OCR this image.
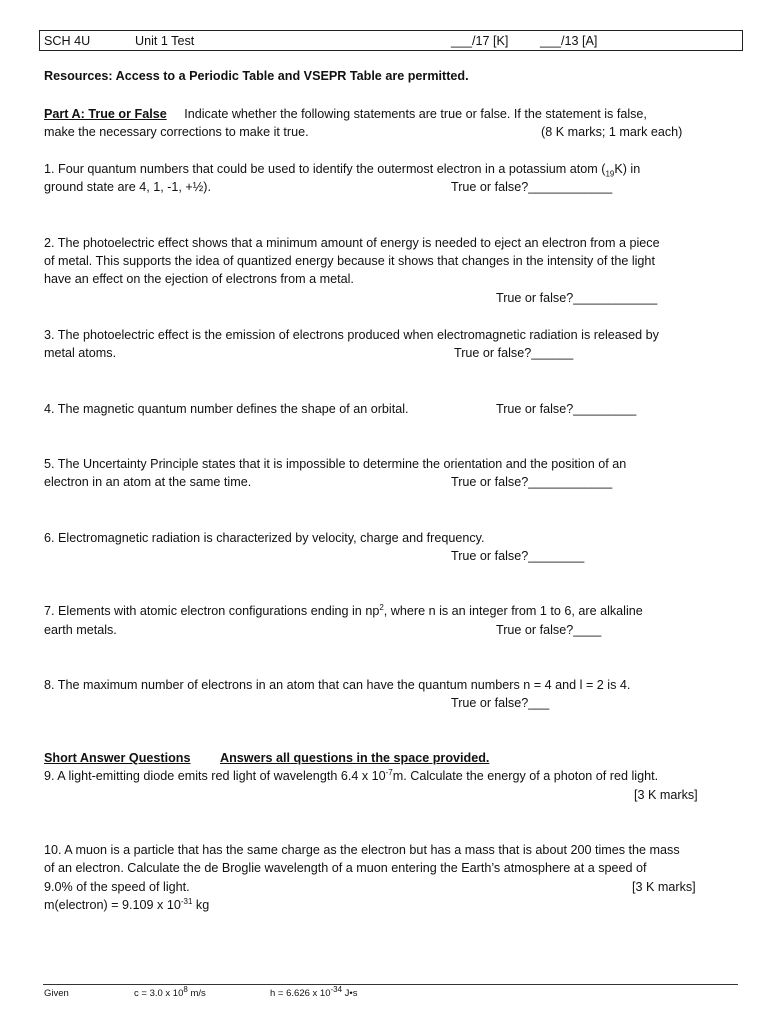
SCH 4U	Unit 1 Test	___/17 [K]	___/13 [A]
Resources: Access to a Periodic Table and VSEPR Table are permitted.
Part A: True or False Indicate whether the following statements are true or false. If the statement is false,
make the necessary corrections to make it true.	(8 K marks; 1 mark each)
1. Four quantum numbers that could be used to identify the outermost electron in a potassium atom $(_{19}K)$ in
ground state are 4, 1, -1, +½).	True or false?____________
2. The photoelectric effect shows that a minimum amount of energy is needed to eject an electron from a piece
of metal. This supports the idea of quantized energy because it shows that changes in the intensity of the light
have an effect on the ejection of electrons from a metal.
True or false?____________
3. The photoelectric effect is the emission of electrons produced when electromagnetic radiation is released by
metal atoms.	True or false?______
4. The magnetic quantum number defines the shape of an orbital.	True or false?_________
5. The Uncertainty Principle states that it is impossible to determine the orientation and the position of an
electron in an atom at the same time.	True or false?____________
6. Electromagnetic radiation is characterized by velocity, charge and frequency.
True or false?________
7. Elements with atomic electron configurations ending in $np^2$, where n is an integer from 1 to 6, are alkaline
earth metals.	True or false?____
8. The maximum number of electrons in an atom that can have the quantum numbers n = 4 and l = 2 is 4.
True or false?___
Short Answer Questions Answers all questions in the space provided.
9. A light-emitting diode emits red light of wavelength 6.4 x $10^{-7}m$. Calculate the energy of a photon of red light.
[3 K marks]
10. A muon is a particle that has the same charge as the electron but has a mass that is about 200 times the mass
of an electron. Calculate the de Broglie wavelength of a muon entering the Earth’s atmosphere at a speed of
9.0% of the speed of light.	[3 K marks]
m(electron) = 9.109 x $10^{-31}$ kg
Given	c = 3.0 x $10^8$ m/s	h = 6.626 x $10^{-34}$ J•s
